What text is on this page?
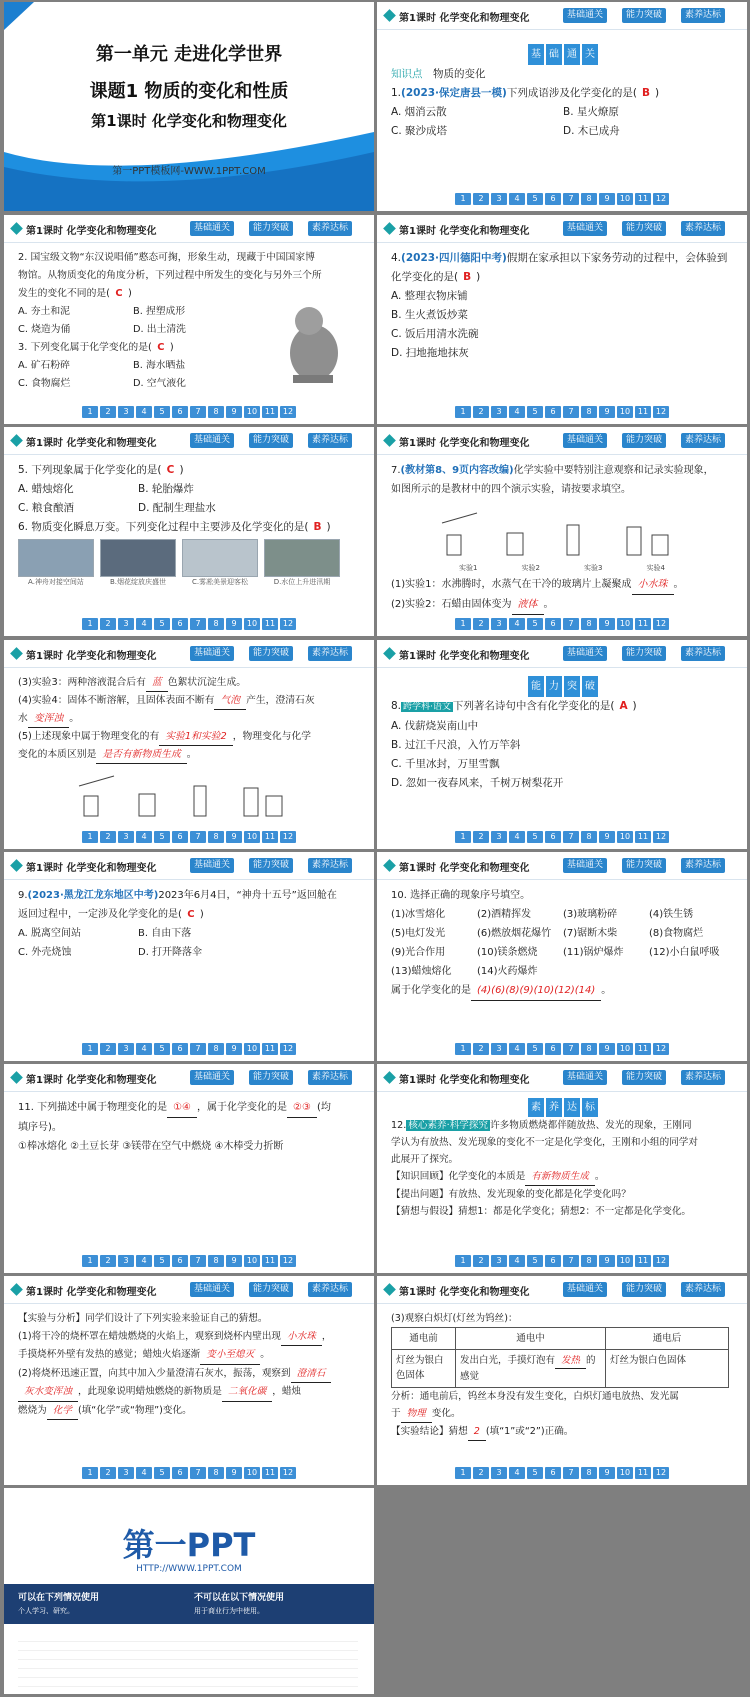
第一单元 走进化学世界
课题1 物质的变化和性质
第1课时 化学变化和物理变化
第一PPT模板网-WWW.1PPT.COM
第1课时 化学变化和物理变化	基础通关	能力突破	素养达标

基 础 通 关

知识点　 物质的变化

1.(2023·保定唐县一模)下列成语涉及化学变化的是( B )

A. 烟消云散	B. 星火燎原

C. 聚沙成塔	D. 木已成舟

1 2 3 4 5 6 7 8 9 10 11 12
第1课时 化学变化和物理变化	基础通关	能力突破	素养达标

2. 国宝级文物“东汉说唱俑”憨态可掬，形象生动，现藏于中国国家博

物馆。从物质变化的角度分析，下列过程中所发生的变化与另外三个所

发生的变化不同的是( C )

A. 夯土和泥	B. 捏塑成形

C. 烧造为俑	D. 出土清洗

3. 下列变化属于化学变化的是( C )

A. 矿石粉碎	B. 海水晒盐

C. 食物腐烂	D. 空气液化

1 2 3 4 5 6 7 8 9 10 11 12
第1课时 化学变化和物理变化	基础通关	能力突破	素养达标

4.(2023·四川德阳中考)假期在家承担以下家务劳动的过程中，会体验到

化学变化的是( B )

A. 整理衣物床铺

B. 生火煮饭炒菜

C. 饭后用清水洗碗

D. 扫地拖地抹灰

1 2 3 4 5 6 7 8 9 10 11 12
第1课时 化学变化和物理变化	基础通关	能力突破	素养达标

5. 下列现象属于化学变化的是( C )

A. 蜡烛熔化	B. 轮胎爆炸

C. 粮食酿酒	D. 配制生理盐水

6. 物质变化瞬息万变。下列变化过程中主要涉及化学变化的是( B )

A.神舟对接空间站	B.烟花绽放庆盛世	C.雾凇美景迎客松	D.水位上升进汛期
1 2 3 4 5 6 7 8 9 10 11 12
第1课时 化学变化和物理变化	基础通关	能力突破	素养达标

7.(教材第8、9页内容改编)化学实验中要特别注意观察和记录实验现象，

如图所示的是教材中的四个演示实验，请按要求填空。

实验1	实验2	实验3	实验4

(1)实验1：水沸腾时，水蒸气在干冷的玻璃片上凝聚成 小水珠 。

(2)实验2：石蜡由固体变为 液体 。

1 2 3 4 5 6 7 8 9 10 11 12
第1课时 化学变化和物理变化	基础通关	能力突破	素养达标

(3)实验3：两种溶液混合后有 蓝 色絮状沉淀生成。

(4)实验4：固体不断溶解，且固体表面不断有 气泡 产生，澄清石灰

水 变浑浊 。

(5)上述现象中属于物理变化的有 实验1和实验2 ，物理变化与化学

变化的本质区别是 是否有新物质生成 。

1 2 3 4 5 6 7 8 9 10 11 12
第1课时 化学变化和物理变化	基础通关	能力突破	素养达标

能 力 突 破

8. 跨学科·语文 下列著名诗句中含有化学变化的是( A )

A. 伐薪烧炭南山中

B. 过江千尺浪，入竹万竿斜

C. 千里冰封，万里雪飘

D. 忽如一夜春风来，千树万树梨花开

1 2 3 4 5 6 7 8 9 10 11 12
第1课时 化学变化和物理变化	基础通关	能力突破	素养达标

9.(2023·黑龙江龙东地区中考)2023年6月4日，“神舟十五号”返回舱在

返回过程中，一定涉及化学变化的是( C )

A. 脱离空间站	B. 自由下落

C. 外壳烧蚀	D. 打开降落伞

1 2 3 4 5 6 7 8 9 10 11 12
第1课时 化学变化和物理变化	基础通关	能力突破	素养达标

10. 选择正确的现象序号填空。

(1)冰雪熔化	(2)酒精挥发	(3)玻璃粉碎	(4)铁生锈

(5)电灯发光	(6)燃放烟花爆竹	(7)锯断木柴	(8)食物腐烂

(9)光合作用	(10)镁条燃烧	(11)锅炉爆炸	(12)小白鼠呼吸

(13)蜡烛熔化	(14)火药爆炸

属于化学变化的是 (4)(6)(8)(9)(10)(12)(14) 。

1 2 3 4 5 6 7 8 9 10 11 12
第1课时 化学变化和物理变化	基础通关	能力突破	素养达标

11. 下列描述中属于物理变化的是 ①④ ，属于化学变化的是 ②③ (均

填序号)。

①棒冰熔化 ②土豆长芽 ③镁带在空气中燃烧 ④木棒受力折断

1 2 3 4 5 6 7 8 9 10 11 12
第1课时 化学变化和物理变化	基础通关	能力突破	素养达标

素 养 达 标

12. 核心素养·科学探究 许多物质燃烧都伴随放热、发光的现象，王刚同

学认为有放热、发光现象的变化不一定是化学变化，王刚和小组的同学对

此展开了探究。

【知识回顾】化学变化的本质是 有新物质生成 。

【提出问题】有放热、发光现象的变化都是化学变化吗？

【猜想与假设】猜想1：都是化学变化；猜想2：不一定都是化学变化。

1 2 3 4 5 6 7 8 9 10 11 12
第1课时 化学变化和物理变化	基础通关	能力突破	素养达标

【实验与分析】同学们设计了下列实验来验证自己的猜想。

(1)将干冷的烧杯罩在蜡烛燃烧的火焰上，观察到烧杯内壁出现 小水珠 ，

手摸烧杯外壁有发热的感觉；蜡烛火焰逐渐 变小至熄灭 。

(2)将烧杯迅速正置，向其中加入少量澄清石灰水，振荡，观察到 澄清石

灰水变浑浊 ，此现象说明蜡烛燃烧的新物质是 二氧化碳 ，蜡烛

燃烧为 化学 (填“化学”或“物理”)变化。

1 2 3 4 5 6 7 8 9 10 11 12
第1课时 化学变化和物理变化	基础通关	能力突破	素养达标

(3)观察白炽灯(灯丝为钨丝)：

通电前	通电中	通电后
灯丝为银白色固体	发出白光，手摸灯泡有 发热 的感觉	灯丝为银白色固体

分析：通电前后，钨丝本身没有发生变化，白炽灯通电放热、发光属

于 物理 变化。

【实验结论】猜想 2 (填“1”或“2”)正确。

1 2 3 4 5 6 7 8 9 10 11 12
第一PPT
HTTP://WWW.1PPT.COM
可以在下列情况使用
个人学习、研究。
不可以在以下情况使用
用于商业行为中使用。
